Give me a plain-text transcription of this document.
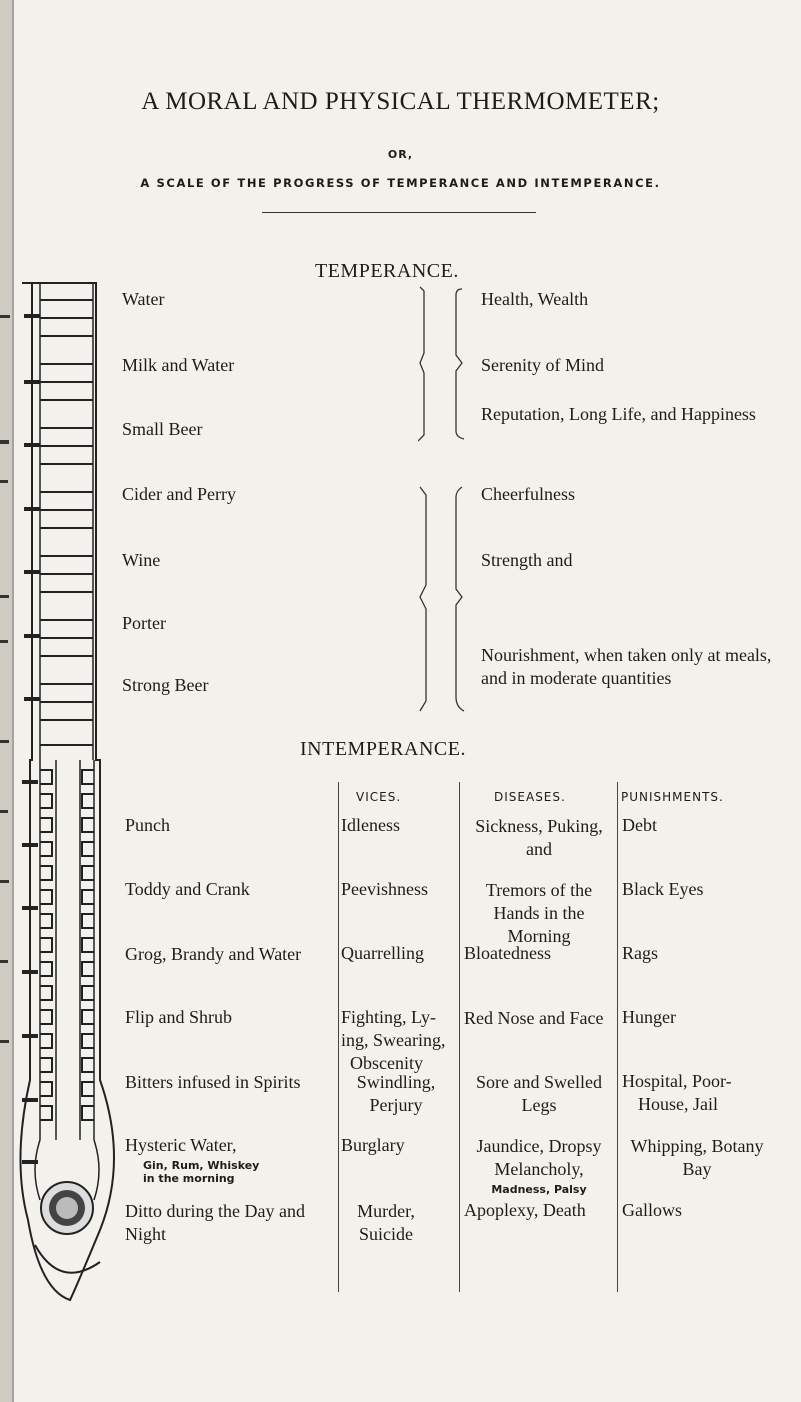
A MORAL AND PHYSICAL THERMOMETER;
OR,
A SCALE OF THE PROGRESS OF TEMPERANCE AND INTEMPERANCE.
TEMPERANCE.
Water
Milk and Water
Small Beer
Cider and Perry
Wine
Porter
Strong Beer
Health, Wealth
Serenity of Mind
Reputation, Long Life, and Happiness
Cheerfulness
Strength and
Nourishment, when taken only at meals, and in moderate quantities
INTEMPERANCE.
VICES.	DISEASES.	PUNISHMENTS.
Punch
Toddy and Crank
Grog, Brandy and Water
Flip and Shrub
Bitters infused in Spirits
Hysteric Water,
Gin, Rum, Whiskey in the morning
Ditto during the Day and Night
Idleness
Peevishness
Quarrelling
Fighting, Ly-
ing, Swearing,
Obscenity
Swindling, Perjury
Burglary
Murder, Suicide
Sickness, Puking, and
Tremors of the Hands in the Morning
Bloatedness
Red Nose and Face
Sore and Swelled Legs
Jaundice, Dropsy Melancholy,
Madness, Palsy
Apoplexy, Death
Debt
Black Eyes
Rags
Hunger
Hospital, Poor-
House, Jail
Whipping, Botany Bay
Gallows
